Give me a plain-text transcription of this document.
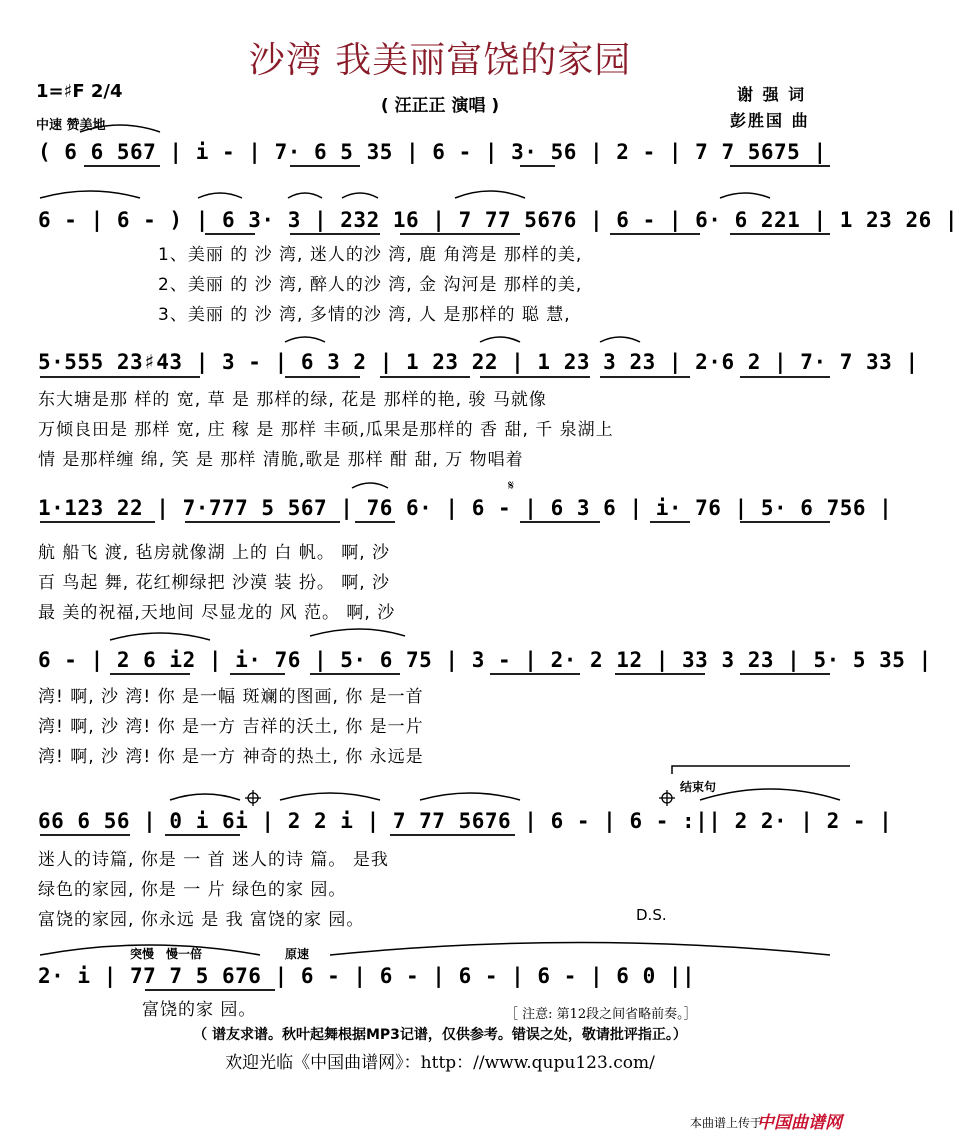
沙湾 我美丽富饶的家园
( 汪正正 演唱 )
1=♯F 2/4
中速 赞美地
谢 强 词
彭胜国 曲
( 6 6 567 | i - | 7· 6 5 35 | 6 - | 3· 56 | 2 - | 7 7 5675 |
6 - | 6 - ) | 6 3· 3 | 232 16 | 7 77 5676 | 6 - | 6· 6 221 | 1 23 26 |
1、美丽 的 沙 湾, 迷人的沙 湾, 鹿 角湾是 那样的美,
2、美丽 的 沙 湾, 醉人的沙 湾, 金 沟河是 那样的美,
3、美丽 的 沙 湾, 多情的沙 湾, 人 是那样的 聪 慧,
5·555 23♯43 | 3 - | 6 3 2 | 1 23 22 | 1 23 3 23 | 2·6 2 | 7· 7 33 |
东大塘是那 样的 宽, 草 是 那样的绿, 花是 那样的艳, 骏 马就像
万倾良田是 那样 宽, 庄 稼 是 那样 丰硕,瓜果是那样的 香 甜, 千 泉湖上
情 是那样缠 绵, 笑 是 那样 清脆,歌是 那样 酣 甜, 万 物唱着
1·123 22 | 7·777 5 567 | 76 6· | 6 - | 6 3 6 | i· 76 | 5· 6 756 |
航 船飞 渡, 毡房就像湖 上的 白 帆。 啊, 沙
百 鸟起 舞, 花红柳绿把 沙漠 装 扮。 啊, 沙
最 美的祝福,天地间 尽显龙的 风 范。 啊, 沙
6 - | 2 6 i2 | i· 76 | 5· 6 75 | 3 - | 2· 2 12 | 33 3 23 | 5· 5 35 |
湾! 啊, 沙 湾! 你 是一幅 斑斓的图画, 你 是一首
湾! 啊, 沙 湾! 你 是一方 吉祥的沃土, 你 是一片
湾! 啊, 沙 湾! 你 是一方 神奇的热土, 你 永远是
结束句
66 6 56 | 0 i 6i | 2 2 i | 7 77 5676 | 6 - | 6 - :|| 2 2· | 2 - |
迷人的诗篇, 你是 一 首 迷人的诗 篇。 是我
绿色的家园, 你是 一 片 绿色的家 园。
富饶的家园, 你永远 是 我 富饶的家 园。	D.S.
突慢 慢一倍	原速
2· i | 77 7 5 676 | 6 - | 6 - | 6 - | 6 - | 6 0 ||
富饶的家 园。	［ 注意: 第12段之间省略前奏。］
（ 谱友求谱。秋叶起舞根据MP3记谱，仅供参考。错误之处，敬请批评指正。）
欢迎光临《中国曲谱网》：http：//www.qupu123.com/
本曲谱上传于
中国曲谱网
𝄋
